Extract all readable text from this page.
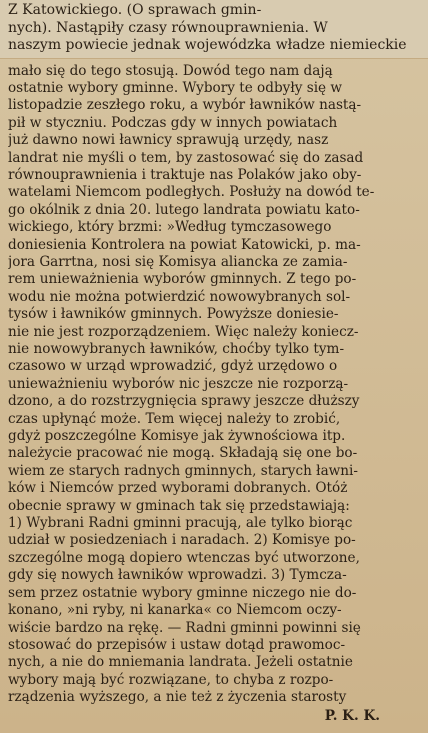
Z Katowickiego. (O sprawach gmin-
nych). Nastąpiły czasy równouprawnienia. W
naszym powiecie jednak wojewódzka władze niemieckie
mało się do tego stosują. Dowód tego nam dają
ostatnie wybory gminne. Wybory te odbyły się w
listopadzie zeszłego roku, a wybór ławników nastą-
pił w styczniu. Podczas gdy w innych powiatach
już dawno nowi ławnicy sprawują urzędy, nasz
landrat nie myśli o tem, by zastosować się do zasad
równouprawnienia i traktuje nas Polaków jako oby-
watelami Niemcom podległych. Posłuży na dowód te-
go okólnik z dnia 20. lutego landrata powiatu kato-
wickiego, który brzmi: »Według tymczasowego
doniesienia Kontrolera na powiat Katowicki, p. ma-
jora Garrtna, nosi się Komisya aliancka ze zamia-
rem unieważnienia wyborów gminnych. Z tego po-
wodu nie można potwierdzić nowowybranych sol-
tysów i ławników gminnych. Powyższe doniesie-
nie nie jest rozporządzeniem. Więc należy koniecz-
nie nowowybranych ławników, choćby tylko tym-
czasowo w urząd wprowadzić, gdyż urzędowo o
unieważnieniu wyborów nic jeszcze nie rozporzą-
dzono, a do rozstrzygnięcia sprawy jeszcze dłuższy
czas upłynąć może. Tem więcej należy to zrobić,
gdyż poszczególne Komisye jak żywnościowa itp.
należycie pracować nie mogą. Składają się one bo-
wiem ze starych radnych gminnych, starych ławni-
ków i Niemców przed wyborami dobranych. Otóż
obecnie sprawy w gminach tak się przedstawiają:
1) Wybrani Radni gminni pracują, ale tylko biorąc
udział w posiedzeniach i naradach. 2) Komisye po-
szczególne mogą dopiero wtenczas być utworzone,
gdy się nowych ławników wprowadzi. 3) Tymcza-
sem przez ostatnie wybory gminne niczego nie do-
konano, »ni ryby, ni kanarka« co Niemcom oczy-
wiście bardzo na rękę. — Radni gminni powinni się
stosować do przepisów i ustaw dotąd prawomoc-
nych, a nie do mniemania landrata. Jeżeli ostatnie
wybory mają być rozwiązane, to chyba z rozpo-
rządzenia wyższego, a nie też z życzenia starosty
P. K. K.
